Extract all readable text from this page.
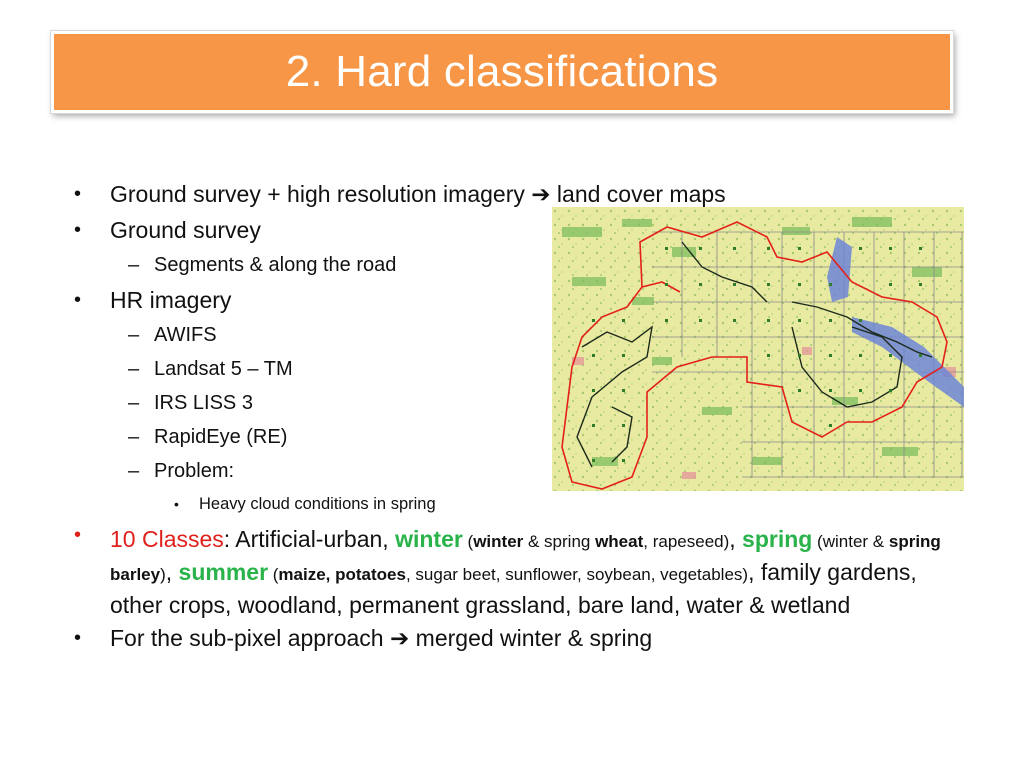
2. Hard classifications
• Ground survey + high resolution imagery ➔ land cover maps
• Ground survey
– Segments & along the road
• HR imagery
– AWIFS
– Landsat 5 – TM
– IRS LISS 3
– RapidEye (RE)
– Problem:
• Heavy cloud conditions in spring
• 10 Classes: Artificial-urban, winter (winter & spring wheat, rapeseed), spring (winter & spring barley), summer (maize, potatoes, sugar beet, sunflower, soybean, vegetables), family gardens, other crops, woodland, permanent grassland, bare land, water & wetland
• For the sub-pixel approach ➔ merged winter & spring
